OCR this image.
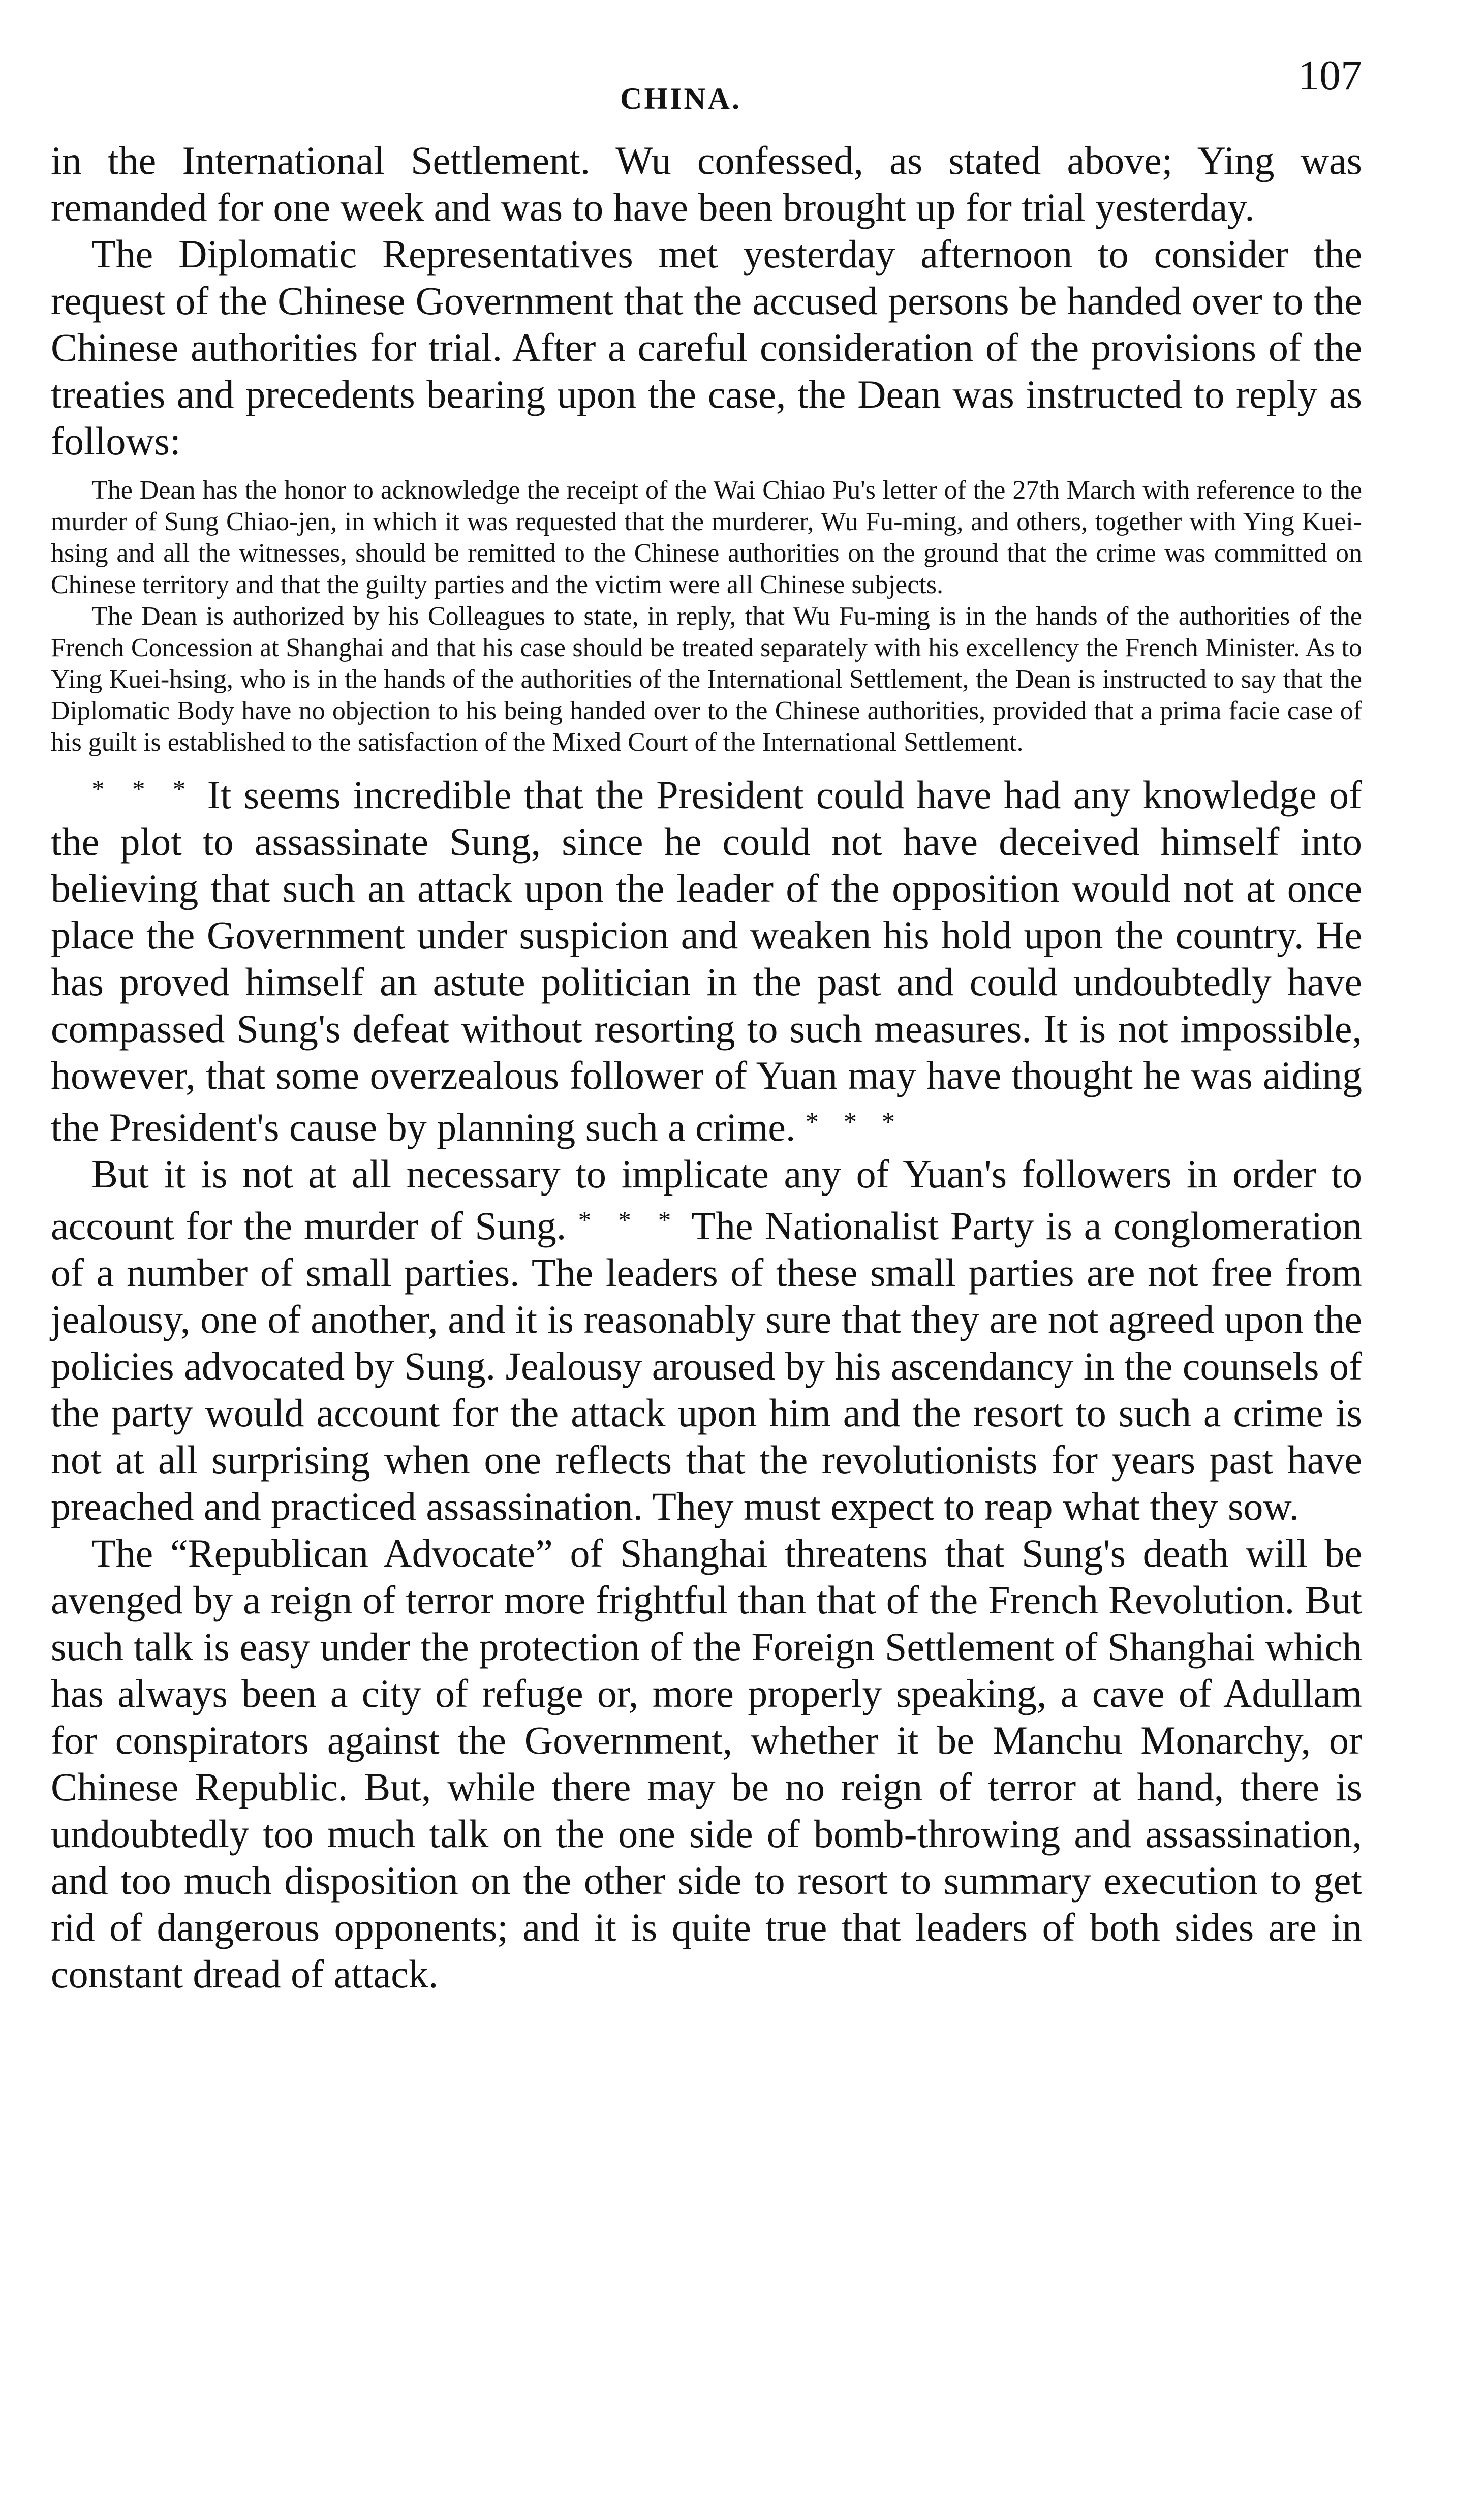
CHINA.	107

in the International Settlement. Wu confessed, as stated above; Ying was remanded for one week and was to have been brought up for trial yesterday.

The Diplomatic Representatives met yesterday afternoon to consider the request of the Chinese Government that the accused persons be handed over to the Chinese authorities for trial. After a careful consideration of the provisions of the treaties and precedents bearing upon the case, the Dean was instructed to reply as follows:

The Dean has the honor to acknowledge the receipt of the Wai Chiao Pu's letter of the 27th March with reference to the murder of Sung Chiao-jen, in which it was requested that the murderer, Wu Fu-ming, and others, together with Ying Kuei-hsing and all the witnesses, should be remitted to the Chinese authorities on the ground that the crime was committed on Chinese territory and that the guilty parties and the victim were all Chinese subjects.

The Dean is authorized by his Colleagues to state, in reply, that Wu Fu-ming is in the hands of the authorities of the French Concession at Shanghai and that his case should be treated separately with his excellency the French Minister. As to Ying Kuei-hsing, who is in the hands of the authorities of the International Settlement, the Dean is instructed to say that the Diplomatic Body have no objection to his being handed over to the Chinese authorities, provided that a prima facie case of his guilt is established to the satisfaction of the Mixed Court of the International Settlement.

* * * It seems incredible that the President could have had any knowledge of the plot to assassinate Sung, since he could not have deceived himself into believing that such an attack upon the leader of the opposition would not at once place the Government under suspicion and weaken his hold upon the country. He has proved himself an astute politician in the past and could undoubtedly have compassed Sung's defeat without resorting to such measures. It is not impossible, however, that some overzealous follower of Yuan may have thought he was aiding the President's cause by planning such a crime. * * *

But it is not at all necessary to implicate any of Yuan's followers in order to account for the murder of Sung. * * * The Nationalist Party is a conglomeration of a number of small parties. The leaders of these small parties are not free from jealousy, one of another, and it is reasonably sure that they are not agreed upon the policies advocated by Sung. Jealousy aroused by his ascendancy in the counsels of the party would account for the attack upon him and the resort to such a crime is not at all surprising when one reflects that the revolutionists for years past have preached and practiced assassination. They must expect to reap what they sow.

The “Republican Advocate” of Shanghai threatens that Sung's death will be avenged by a reign of terror more frightful than that of the French Revolution. But such talk is easy under the protection of the Foreign Settlement of Shanghai which has always been a city of refuge or, more properly speaking, a cave of Adullam for conspirators against the Government, whether it be Manchu Monarchy, or Chinese Republic. But, while there may be no reign of terror at hand, there is undoubtedly too much talk on the one side of bomb-throwing and assassination, and too much disposition on the other side to resort to summary execution to get rid of dangerous opponents; and it is quite true that leaders of both sides are in constant dread of attack.
